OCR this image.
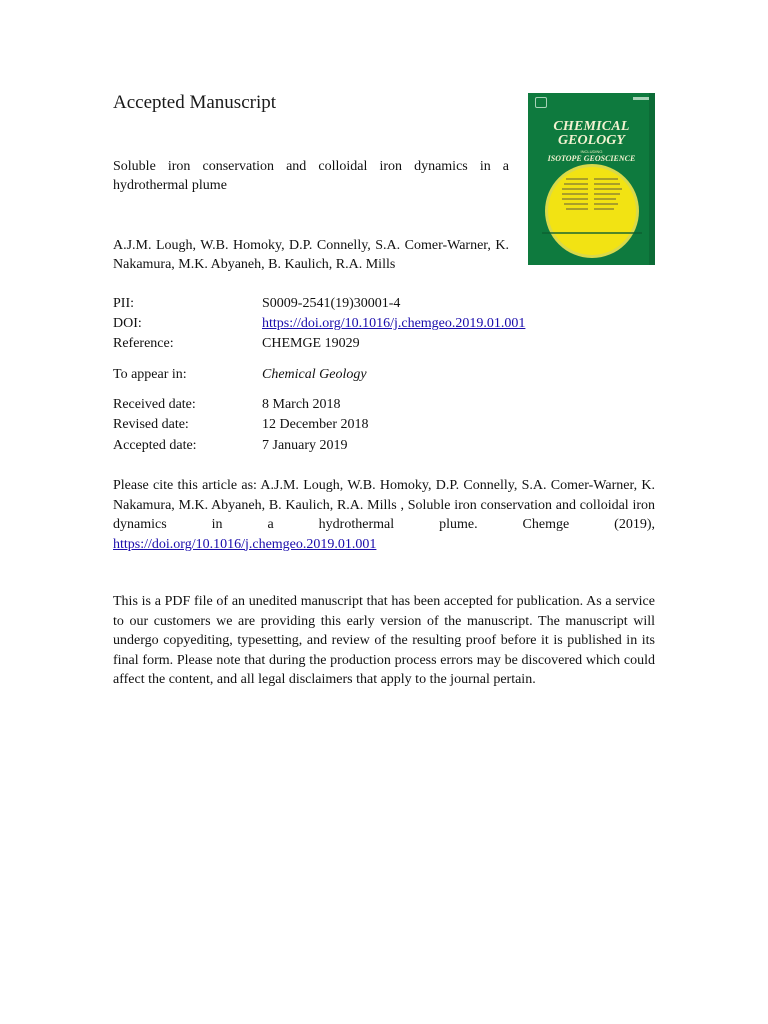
Accepted Manuscript
Soluble iron conservation and colloidal iron dynamics in a hydrothermal plume
A.J.M. Lough, W.B. Homoky, D.P. Connelly, S.A. Comer-Warner, K. Nakamura, M.K. Abyaneh, B. Kaulich, R.A. Mills
PII:	S0009-2541(19)30001-4
DOI:	https://doi.org/10.1016/j.chemgeo.2019.01.001
Reference:	CHEMGE 19029
To appear in:	Chemical Geology
Received date:	8 March 2018
Revised date:	12 December 2018
Accepted date:	7 January 2019
Please cite this article as: A.J.M. Lough, W.B. Homoky, D.P. Connelly, S.A. Comer-Warner, K. Nakamura, M.K. Abyaneh, B. Kaulich, R.A. Mills , Soluble iron conservation and colloidal iron dynamics in a hydrothermal plume. Chemge (2019), https://doi.org/10.1016/j.chemgeo.2019.01.001
This is a PDF file of an unedited manuscript that has been accepted for publication. As a service to our customers we are providing this early version of the manuscript. The manuscript will undergo copyediting, typesetting, and review of the resulting proof before it is published in its final form. Please note that during the production process errors may be discovered which could affect the content, and all legal disclaimers that apply to the journal pertain.
CHEMICAL
GEOLOGY
INCLUDING
ISOTOPE GEOSCIENCE
